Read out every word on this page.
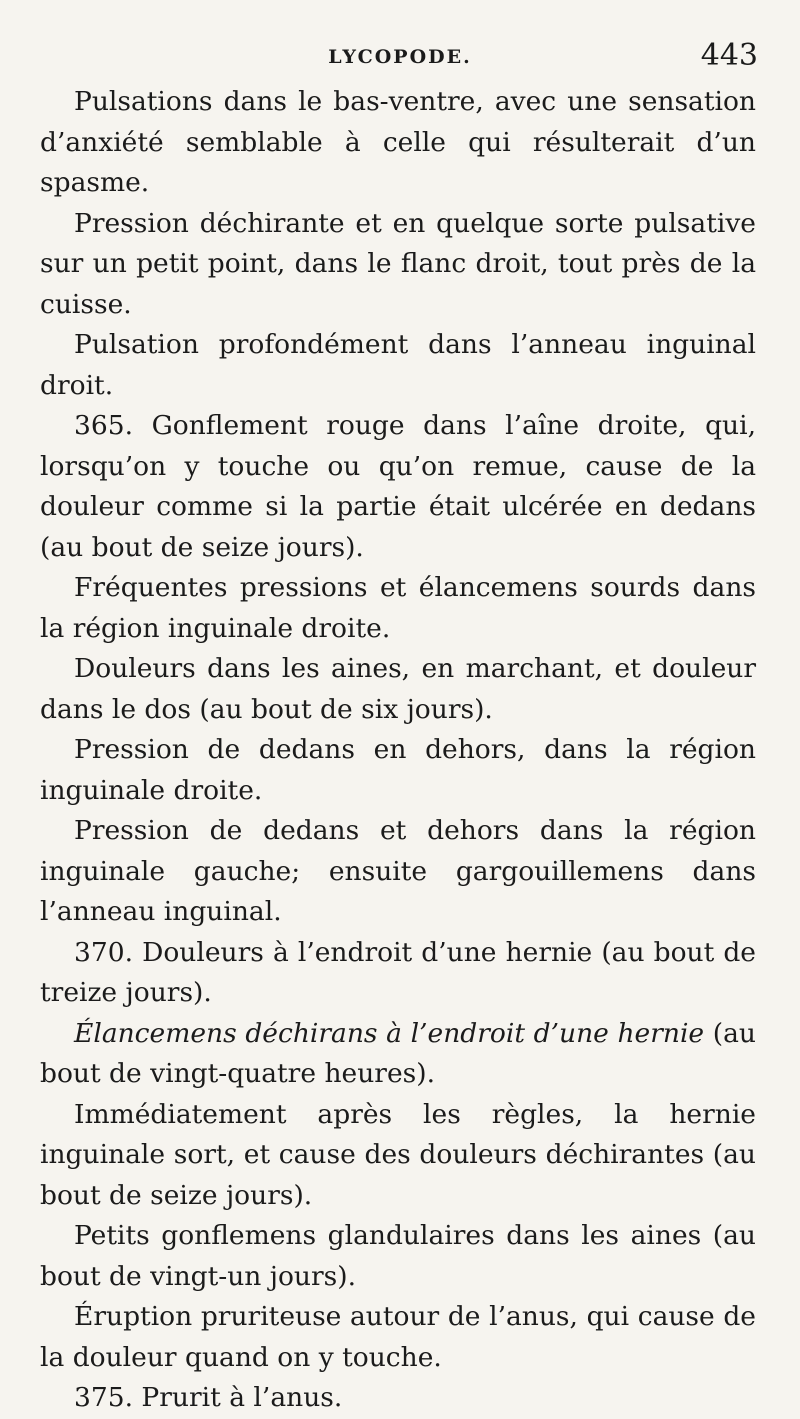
LYCOPODE.	443

Pulsations dans le bas-ventre, avec une sensation d’anxiété semblable à celle qui résulterait d’un spasme.

Pression déchirante et en quelque sorte pulsative sur un petit point, dans le flanc droit, tout près de la cuisse.

Pulsation profondément dans l’anneau inguinal droit.

365. Gonflement rouge dans l’aîne droite, qui, lorsqu’on y touche ou qu’on remue, cause de la douleur comme si la partie était ulcérée en dedans (au bout de seize jours).

Fréquentes pressions et élancemens sourds dans la région inguinale droite.

Douleurs dans les aines, en marchant, et douleur dans le dos (au bout de six jours).

Pression de dedans en dehors, dans la région inguinale droite.

Pression de dedans et dehors dans la région inguinale gauche; ensuite gargouillemens dans l’anneau inguinal.

370. Douleurs à l’endroit d’une hernie (au bout de treize jours).

Élancemens déchirans à l’endroit d’une hernie (au bout de vingt-quatre heures).

Immédiatement après les règles, la hernie inguinale sort, et cause des douleurs déchirantes (au bout de seize jours).

Petits gonflemens glandulaires dans les aines (au bout de vingt-un jours).

Éruption pruriteuse autour de l’anus, qui cause de la douleur quand on y touche.

375. Prurit à l’anus.
